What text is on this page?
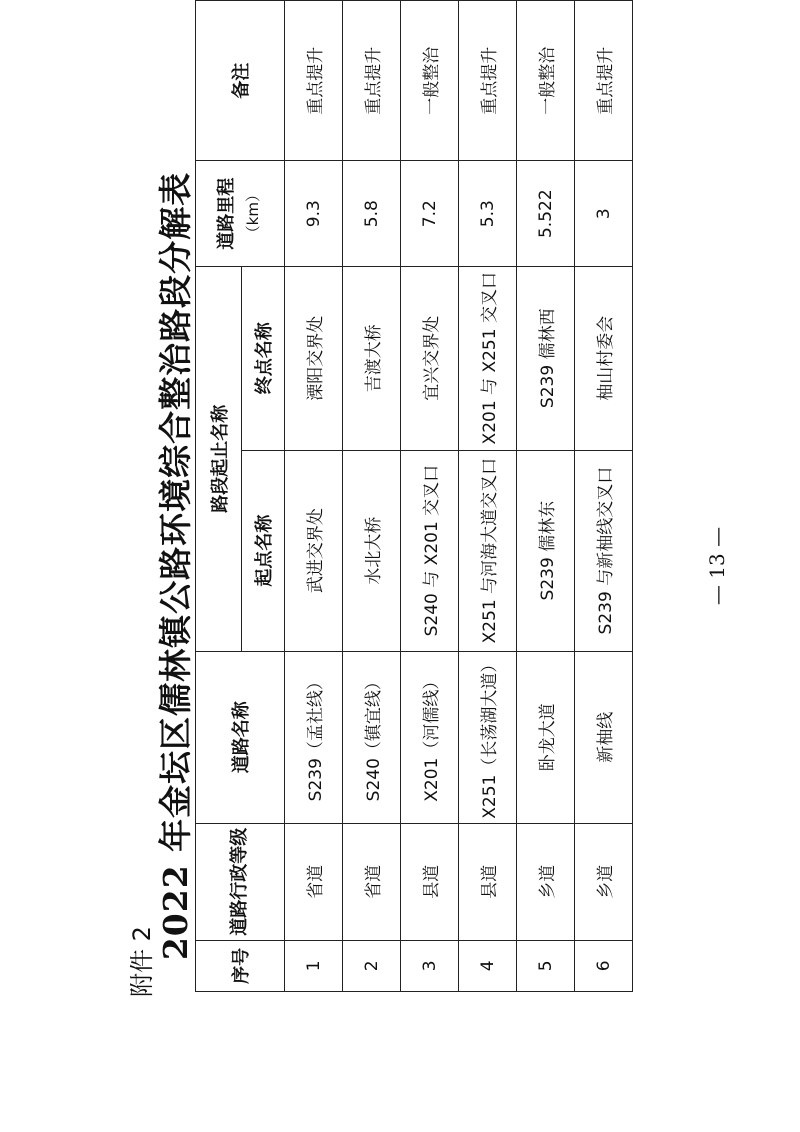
附件 2
2022 年金坛区儒林镇公路环境综合整治路段分解表
序号	道路行政等级	道路名称	路段起止名称		道路里程 （km）	备注
			起点名称	终点名称		
1	省道	S239（孟社线）	武进交界处	溧阳交界处	9.3	重点提升
2	省道	S240（镇宜线）	水北大桥	吉渡大桥	5.8	重点提升
3	县道	X201（河儒线）	S240 与 X201 交叉口	宜兴交界处	7.2	一般整治
4	县道	X251（长荡湖大道）	X251 与河海大道交叉口	X201 与 X251 交叉口	5.3	重点提升
5	乡道	卧龙大道	S239 儒林东	S239 儒林西	5.522	一般整治
6	乡道	新柚线	S239 与新柚线交叉口	柚山村委会	3	重点提升
— 13 —
